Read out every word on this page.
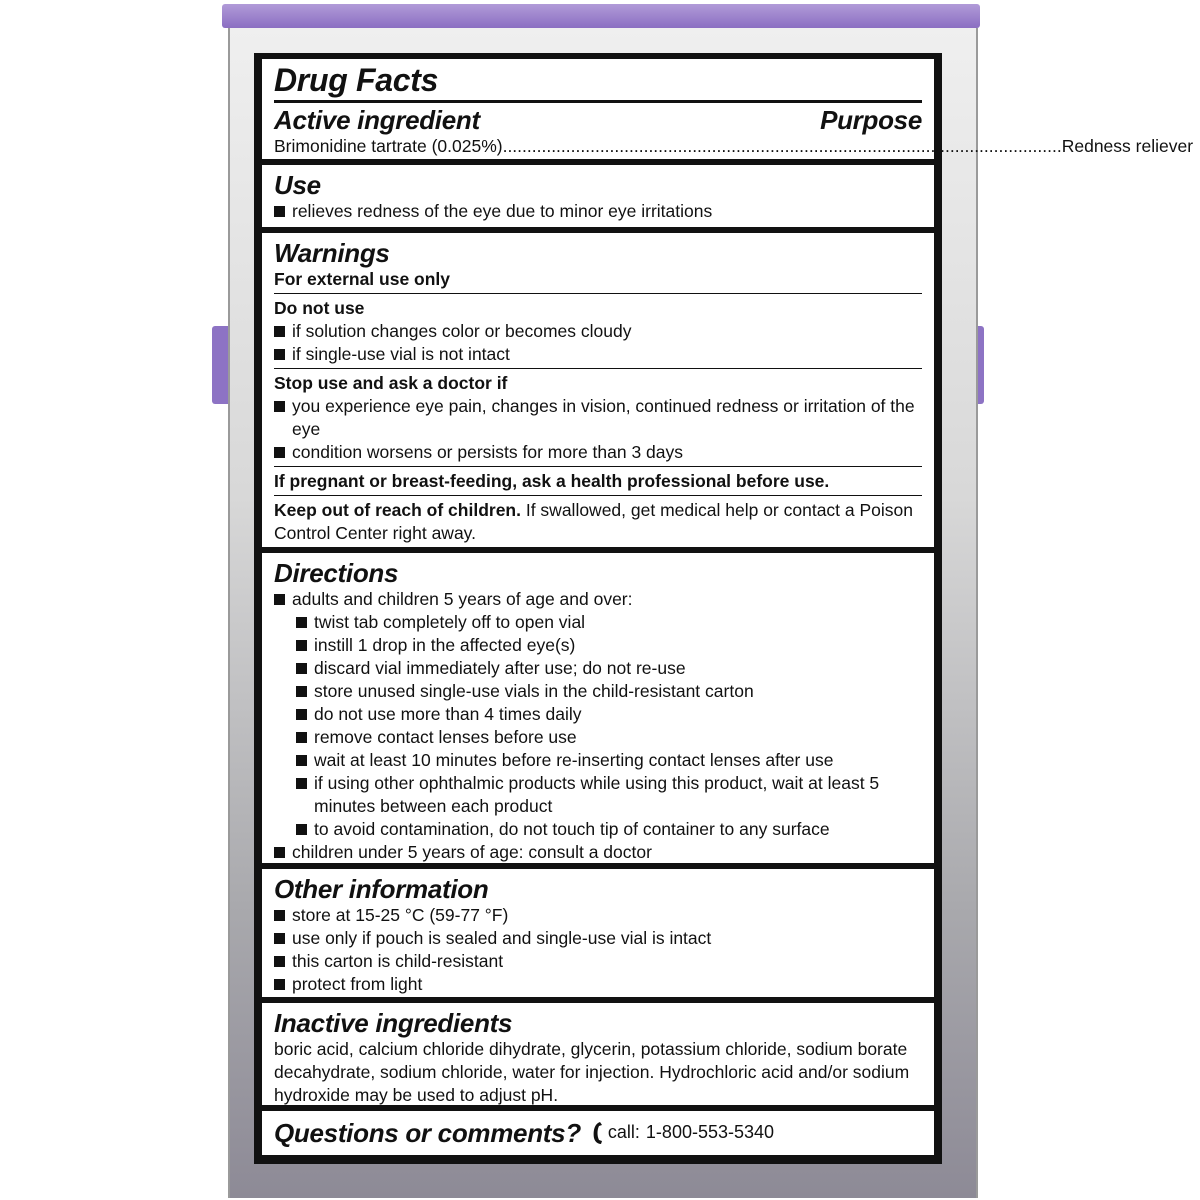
Drug Facts
Active ingredient	Purpose
Brimonidine tartrate (0.025%) ................................................................................................................... Redness reliever
Use
relieves redness of the eye due to minor eye irritations
Warnings
For external use only
Do not use
if solution changes color or becomes cloudy
if single-use vial is not intact
Stop use and ask a doctor if
you experience eye pain, changes in vision, continued redness or irritation of the eye
condition worsens or persists for more than 3 days
If pregnant or breast-feeding, ask a health professional before use.
Keep out of reach of children. If swallowed, get medical help or contact a Poison Control Center right away.
Directions
adults and children 5 years of age and over:
twist tab completely off to open vial
instill 1 drop in the affected eye(s)
discard vial immediately after use; do not re-use
store unused single-use vials in the child-resistant carton
do not use more than 4 times daily
remove contact lenses before use
wait at least 10 minutes before re-inserting contact lenses after use
if using other ophthalmic products while using this product, wait at least 5 minutes between each product
to avoid contamination, do not touch tip of container to any surface
children under 5 years of age: consult a doctor
Other information
store at 15-25 °C (59-77 °F)
use only if pouch is sealed and single-use vial is intact
this carton is child-resistant
protect from light
Inactive ingredients
boric acid, calcium chloride dihydrate, glycerin, potassium chloride, sodium borate decahydrate, sodium chloride, water for injection. Hydrochloric acid and/or sodium hydroxide may be used to adjust pH.
Questions or comments? call: 1-800-553-5340
